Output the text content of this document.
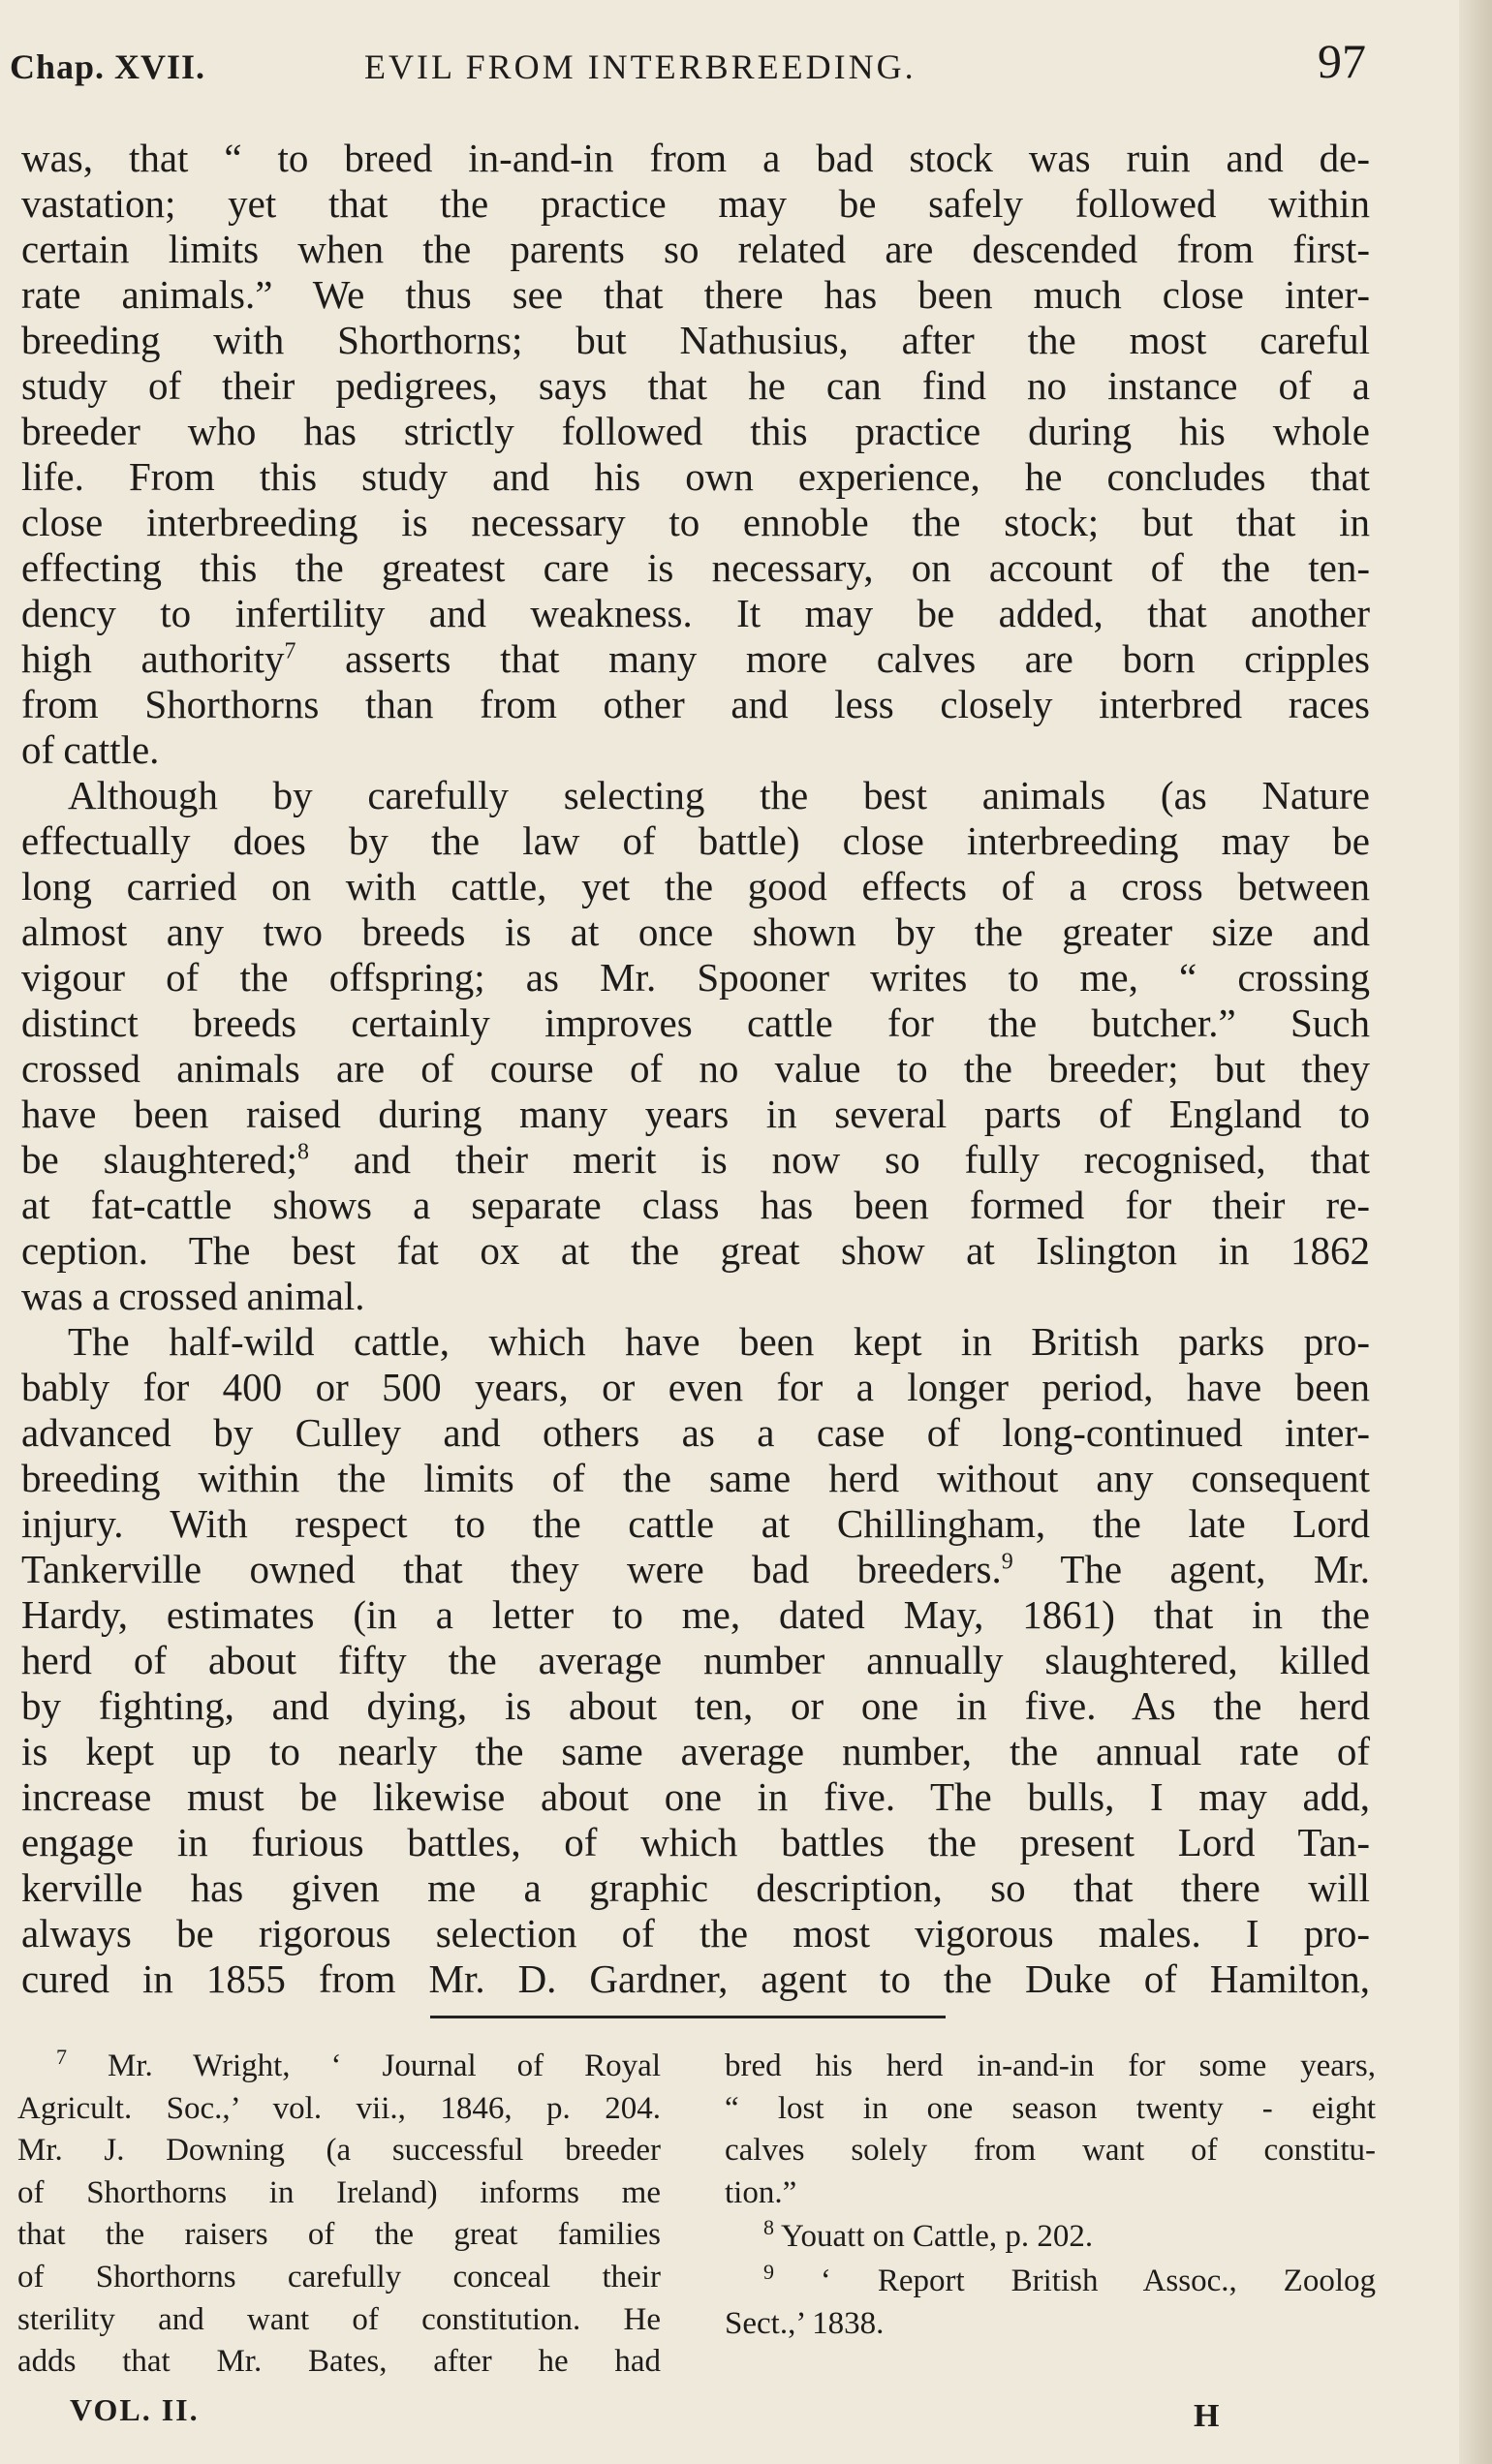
Chap. XVII.	EVIL FROM INTERBREEDING.	97

was, that “ to breed in-and-in from a bad stock was ruin and de-

vastation; yet that the practice may be safely followed within

certain limits when the parents so related are descended from first-

rate animals.” We thus see that there has been much close inter-

breeding with Shorthorns; but Nathusius, after the most careful

study of their pedigrees, says that he can find no instance of a

breeder who has strictly followed this practice during his whole

life. From this study and his own experience, he concludes that

close interbreeding is necessary to ennoble the stock; but that in

effecting this the greatest care is necessary, on account of the ten-

dency to infertility and weakness. It may be added, that another

high authority$^7$ asserts that many more calves are born cripples

from Shorthorns than from other and less closely interbred races

of cattle.

Although by carefully selecting the best animals (as Nature

effectually does by the law of battle) close interbreeding may be

long carried on with cattle, yet the good effects of a cross between

almost any two breeds is at once shown by the greater size and

vigour of the offspring; as Mr. Spooner writes to me, “ crossing

distinct breeds certainly improves cattle for the butcher.” Such

crossed animals are of course of no value to the breeder; but they

have been raised during many years in several parts of England to

be slaughtered;$^8$ and their merit is now so fully recognised, that

at fat-cattle shows a separate class has been formed for their re-

ception. The best fat ox at the great show at Islington in 1862

was a crossed animal.

The half-wild cattle, which have been kept in British parks pro-

bably for 400 or 500 years, or even for a longer period, have been

advanced by Culley and others as a case of long-continued inter-

breeding within the limits of the same herd without any consequent

injury. With respect to the cattle at Chillingham, the late Lord

Tankerville owned that they were bad breeders.$^9$ The agent, Mr.

Hardy, estimates (in a letter to me, dated May, 1861) that in the

herd of about fifty the average number annually slaughtered, killed

by fighting, and dying, is about ten, or one in five. As the herd

is kept up to nearly the same average number, the annual rate of

increase must be likewise about one in five. The bulls, I may add,

engage in furious battles, of which battles the present Lord Tan-

kerville has given me a graphic description, so that there will

always be rigorous selection of the most vigorous males. I pro-

cured in 1855 from Mr. D. Gardner, agent to the Duke of Hamilton,

$^7$ Mr. Wright, ‘ Journal of Royal

Agricult. Soc.,’ vol. vii., 1846, p. 204.

Mr. J. Downing (a successful breeder

of Shorthorns in Ireland) informs me

that the raisers of the great families

of Shorthorns carefully conceal their

sterility and want of constitution. He

adds that Mr. Bates, after he had

bred his herd in-and-in for some years,

“ lost in one season twenty - eight

calves solely from want of constitu-

tion.”

$^8$ Youatt on Cattle, p. 202.

$^9$ ‘ Report British Assoc., Zoolog

Sect.,’ 1838.

VOL. II.	H
